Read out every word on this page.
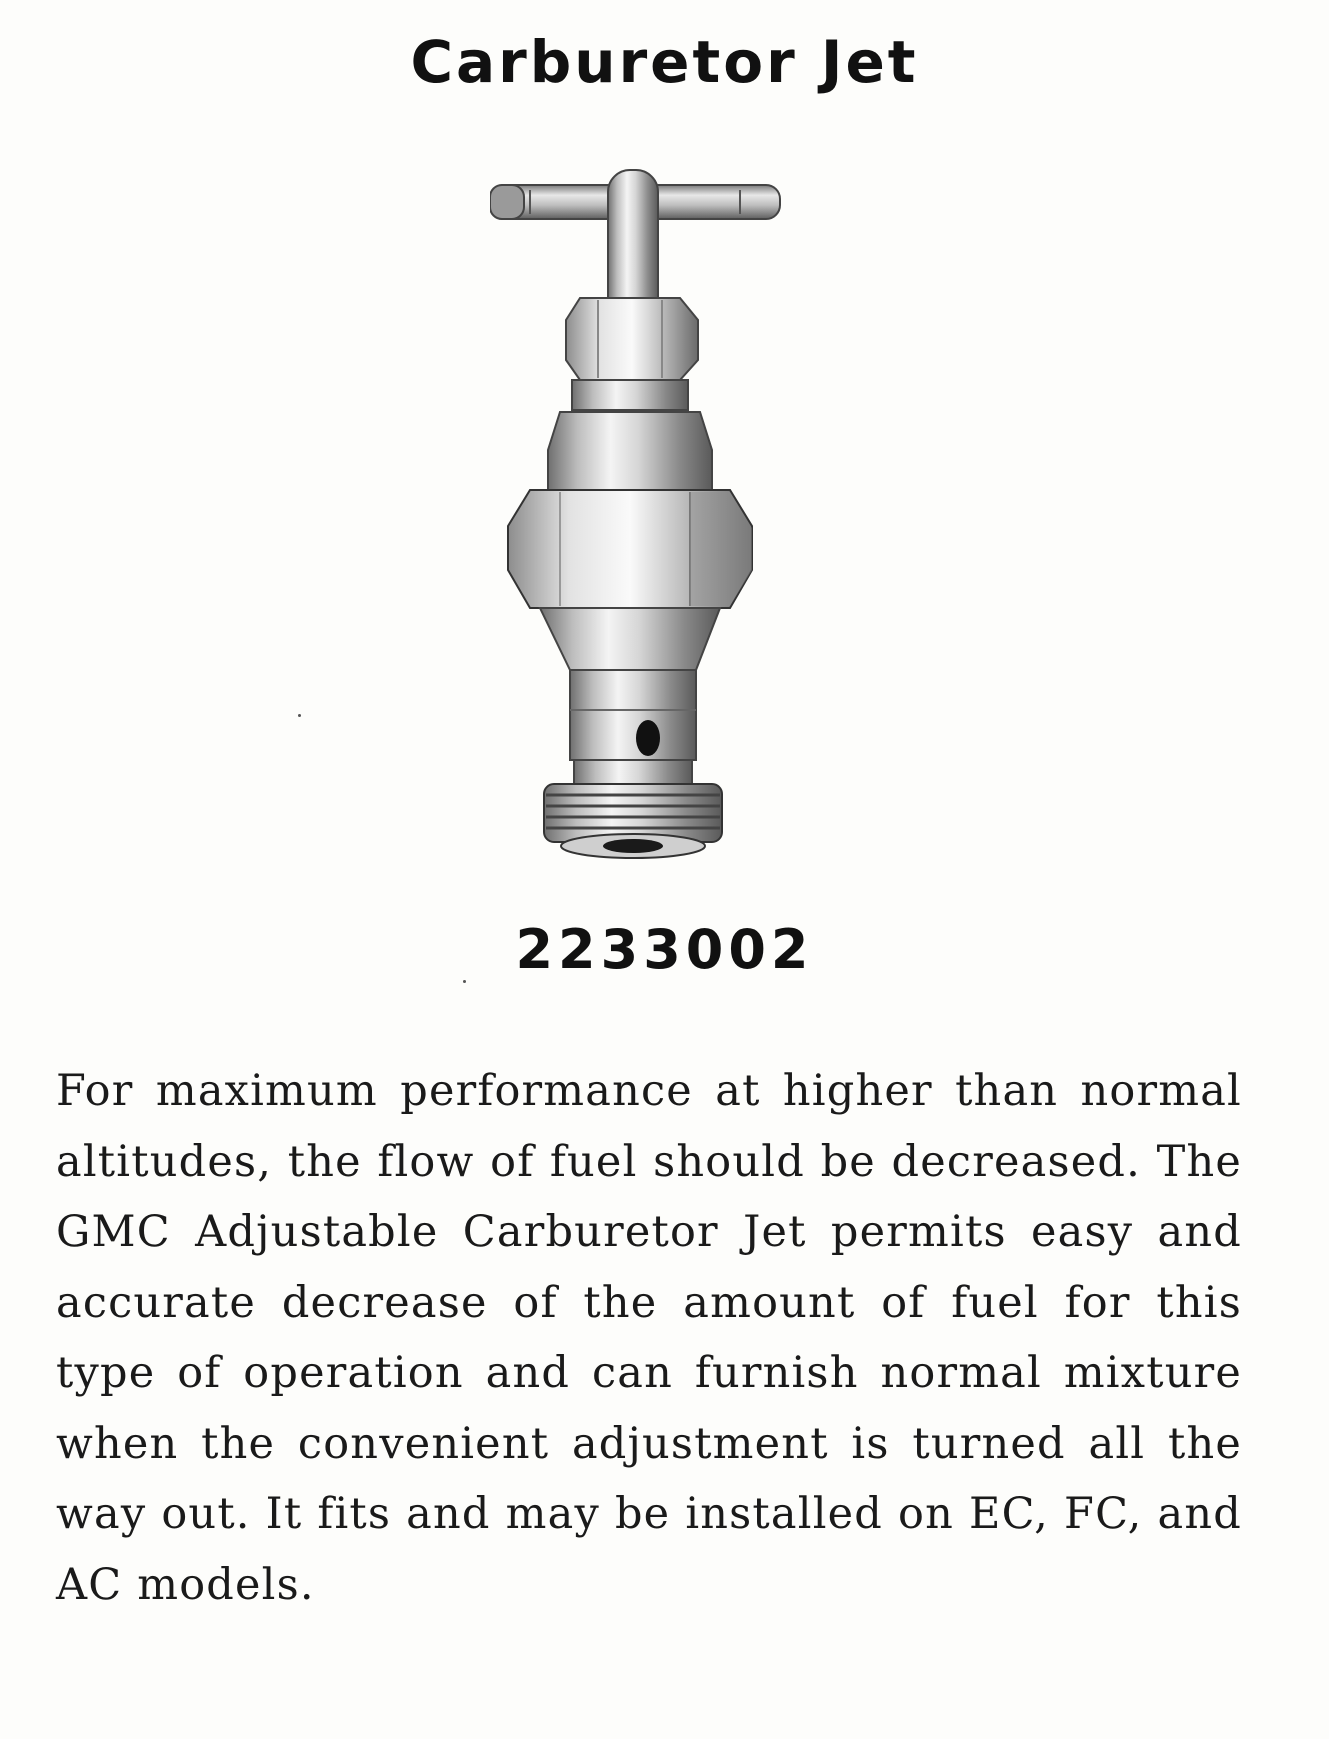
Carburetor Jet
2233002

For maximum performance at higher than normal altitudes, the flow of fuel should be decreased. The GMC Adjustable Carburetor Jet permits easy and accurate decrease of the amount of fuel for this type of operation and can furnish normal mixture when the convenient adjustment is turned all the way out. It fits and may be installed on EC, FC, and AC models.
